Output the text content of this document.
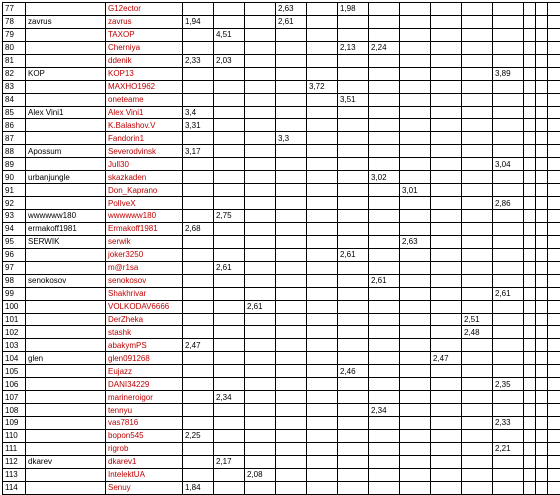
77		G12ector				2,63		1,98										
78	zavrus	zavrus	1,94			2,61												
79		TAXOP		4,51														
80		Cherniya						2,13	2,24									
81		ddenik	2,33	2,03														
82	KOP	KOP13											3,89					
83		MAXHO1962					3,72											
84		oneteame						3,51										
85	Alex Vini1	Alex Vini1	3,4															
86		K.Balashov.V	3,31															
87		Fandorin1				3,3												
88	Apossum	Severodvinsk	3,17															
89		Jull30											3,04					
90	urbanjungle	skazkaden							3,02									
91		Don_Kaprano								3,01								
92		PolIveX											2,86					
93	wwwwww180	wwwwww180		2,75														
94	ermakoff1981	Ermakoff1981	2,68															
95	SERWIK	serwik								2,63								
96		joker3250						2,61										
97		m@r1sa		2,61														
98	senokosov	senokosov							2,61									
99		Shakhrivar											2,61					
100		VOLKODAV6666			2,61													
101		DerZheka										2,51						
102		stashk										2,48						
103		abakymPS	2,47															
104	glen	glen091268									2,47							
105		Eujazz						2,46										
106		DANI34229											2,35					
107		marineroigor		2,34														
108		tennyu							2,34									
109		vas7816											2,33					
110		bopon545	2,25															
111		rigrob											2,21					
112	dkarev	dkarev1		2,17														
113		IntelektUA			2,08													
114		Senuy	1,84															
